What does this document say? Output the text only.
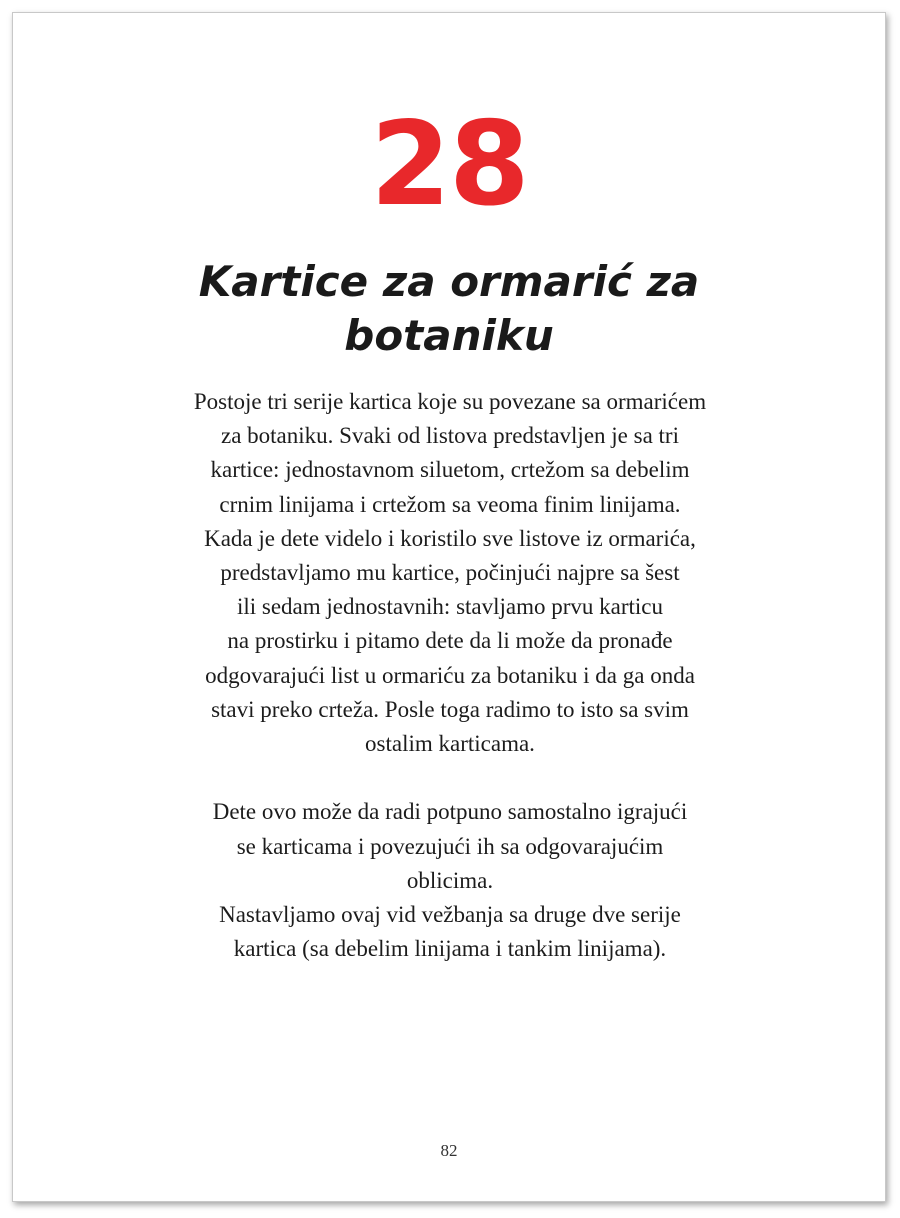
28
Kartice za ormarić za
botaniku
Postoje tri serije kartica koje su povezane sa ormarićem
za botaniku. Svaki od listova predstavljen je sa tri
kartice: jednostavnom siluetom, crtežom sa debelim
crnim linijama i crtežom sa veoma finim linijama.
Kada je dete videlo i koristilo sve listove iz ormarića,
predstavljamo mu kartice, počinjući najpre sa šest
ili sedam jednostavnih: stavljamo prvu karticu
na prostirku i pitamo dete da li može da pronađe
odgovarajući list u ormariću za botaniku i da ga onda
stavi preko crteža. Posle toga radimo to isto sa svim
ostalim karticama.
Dete ovo može da radi potpuno samostalno igrajući
se karticama i povezujući ih sa odgovarajućim
oblicima.
Nastavljamo ovaj vid vežbanja sa druge dve serije
kartica (sa debelim linijama i tankim linijama).
82
